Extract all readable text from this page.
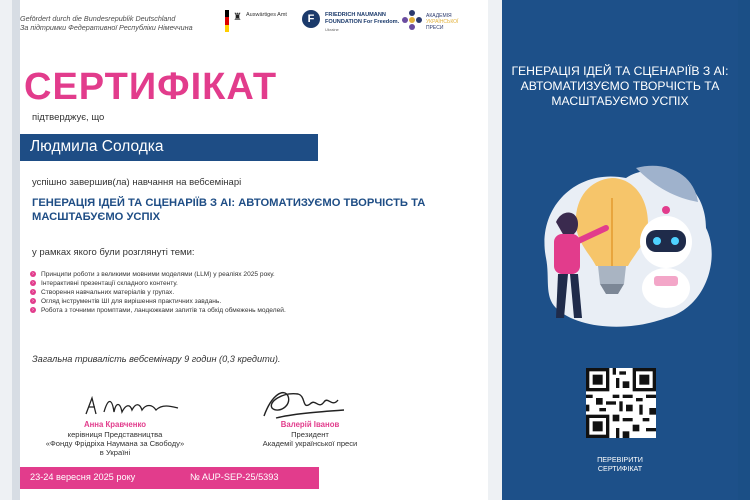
Gefördert durch die Bundesrepublik Deutschland
За підтримки Федеративної Республіки Німеччина
♜ Auswärtiges Amt	F	FRIEDRICH NAUMANN
FOUNDATION For Freedom.
Ukraine
АКАДЕМІЯ
УКРАЇНСЬКОЇ
ПРЕСИ
СЕРТИФІКАТ
підтверджує, що
Людмила Солодка
успішно завершив(ла) навчання на вебсемінарі
ГЕНЕРАЦІЯ ІДЕЙ ТА СЦЕНАРІЇВ З АІ: АВТОМАТИЗУЄМО ТВОРЧІСТЬ ТА МАСШТАБУЄМО УСПІХ
у рамках якого були розглянуті теми:
›	Принципи роботи з великими мовними моделями (LLM) у реаліях 2025 року.
›	Інтерактивні презентації складного контенту.
›	Створення навчальних матеріалів у групах.
›	Огляд інструментів ШІ для вирішення практичних завдань.
›	Робота з точними промптами, ланцюжками запитів та обхід обмежень моделей.
Загальна тривалість вебсемінару 9 годин (0,3 кредити).
Анна Кравченко
керівниця Представництва
«Фонду Фрідріха Наумана за Свободу»
в Україні
Валерій Іванов
Президент
Академії української преси
23-24 вересня 2025 року	№ AUP-SEP-25/5393
ГЕНЕРАЦІЯ ІДЕЙ ТА СЦЕНАРІЇВ З АІ: АВТОМАТИЗУЄМО ТВОРЧІСТЬ ТА МАСШТАБУЄМО УСПІХ
ПЕРЕВІРИТИ
СЕРТИФІКАТ
